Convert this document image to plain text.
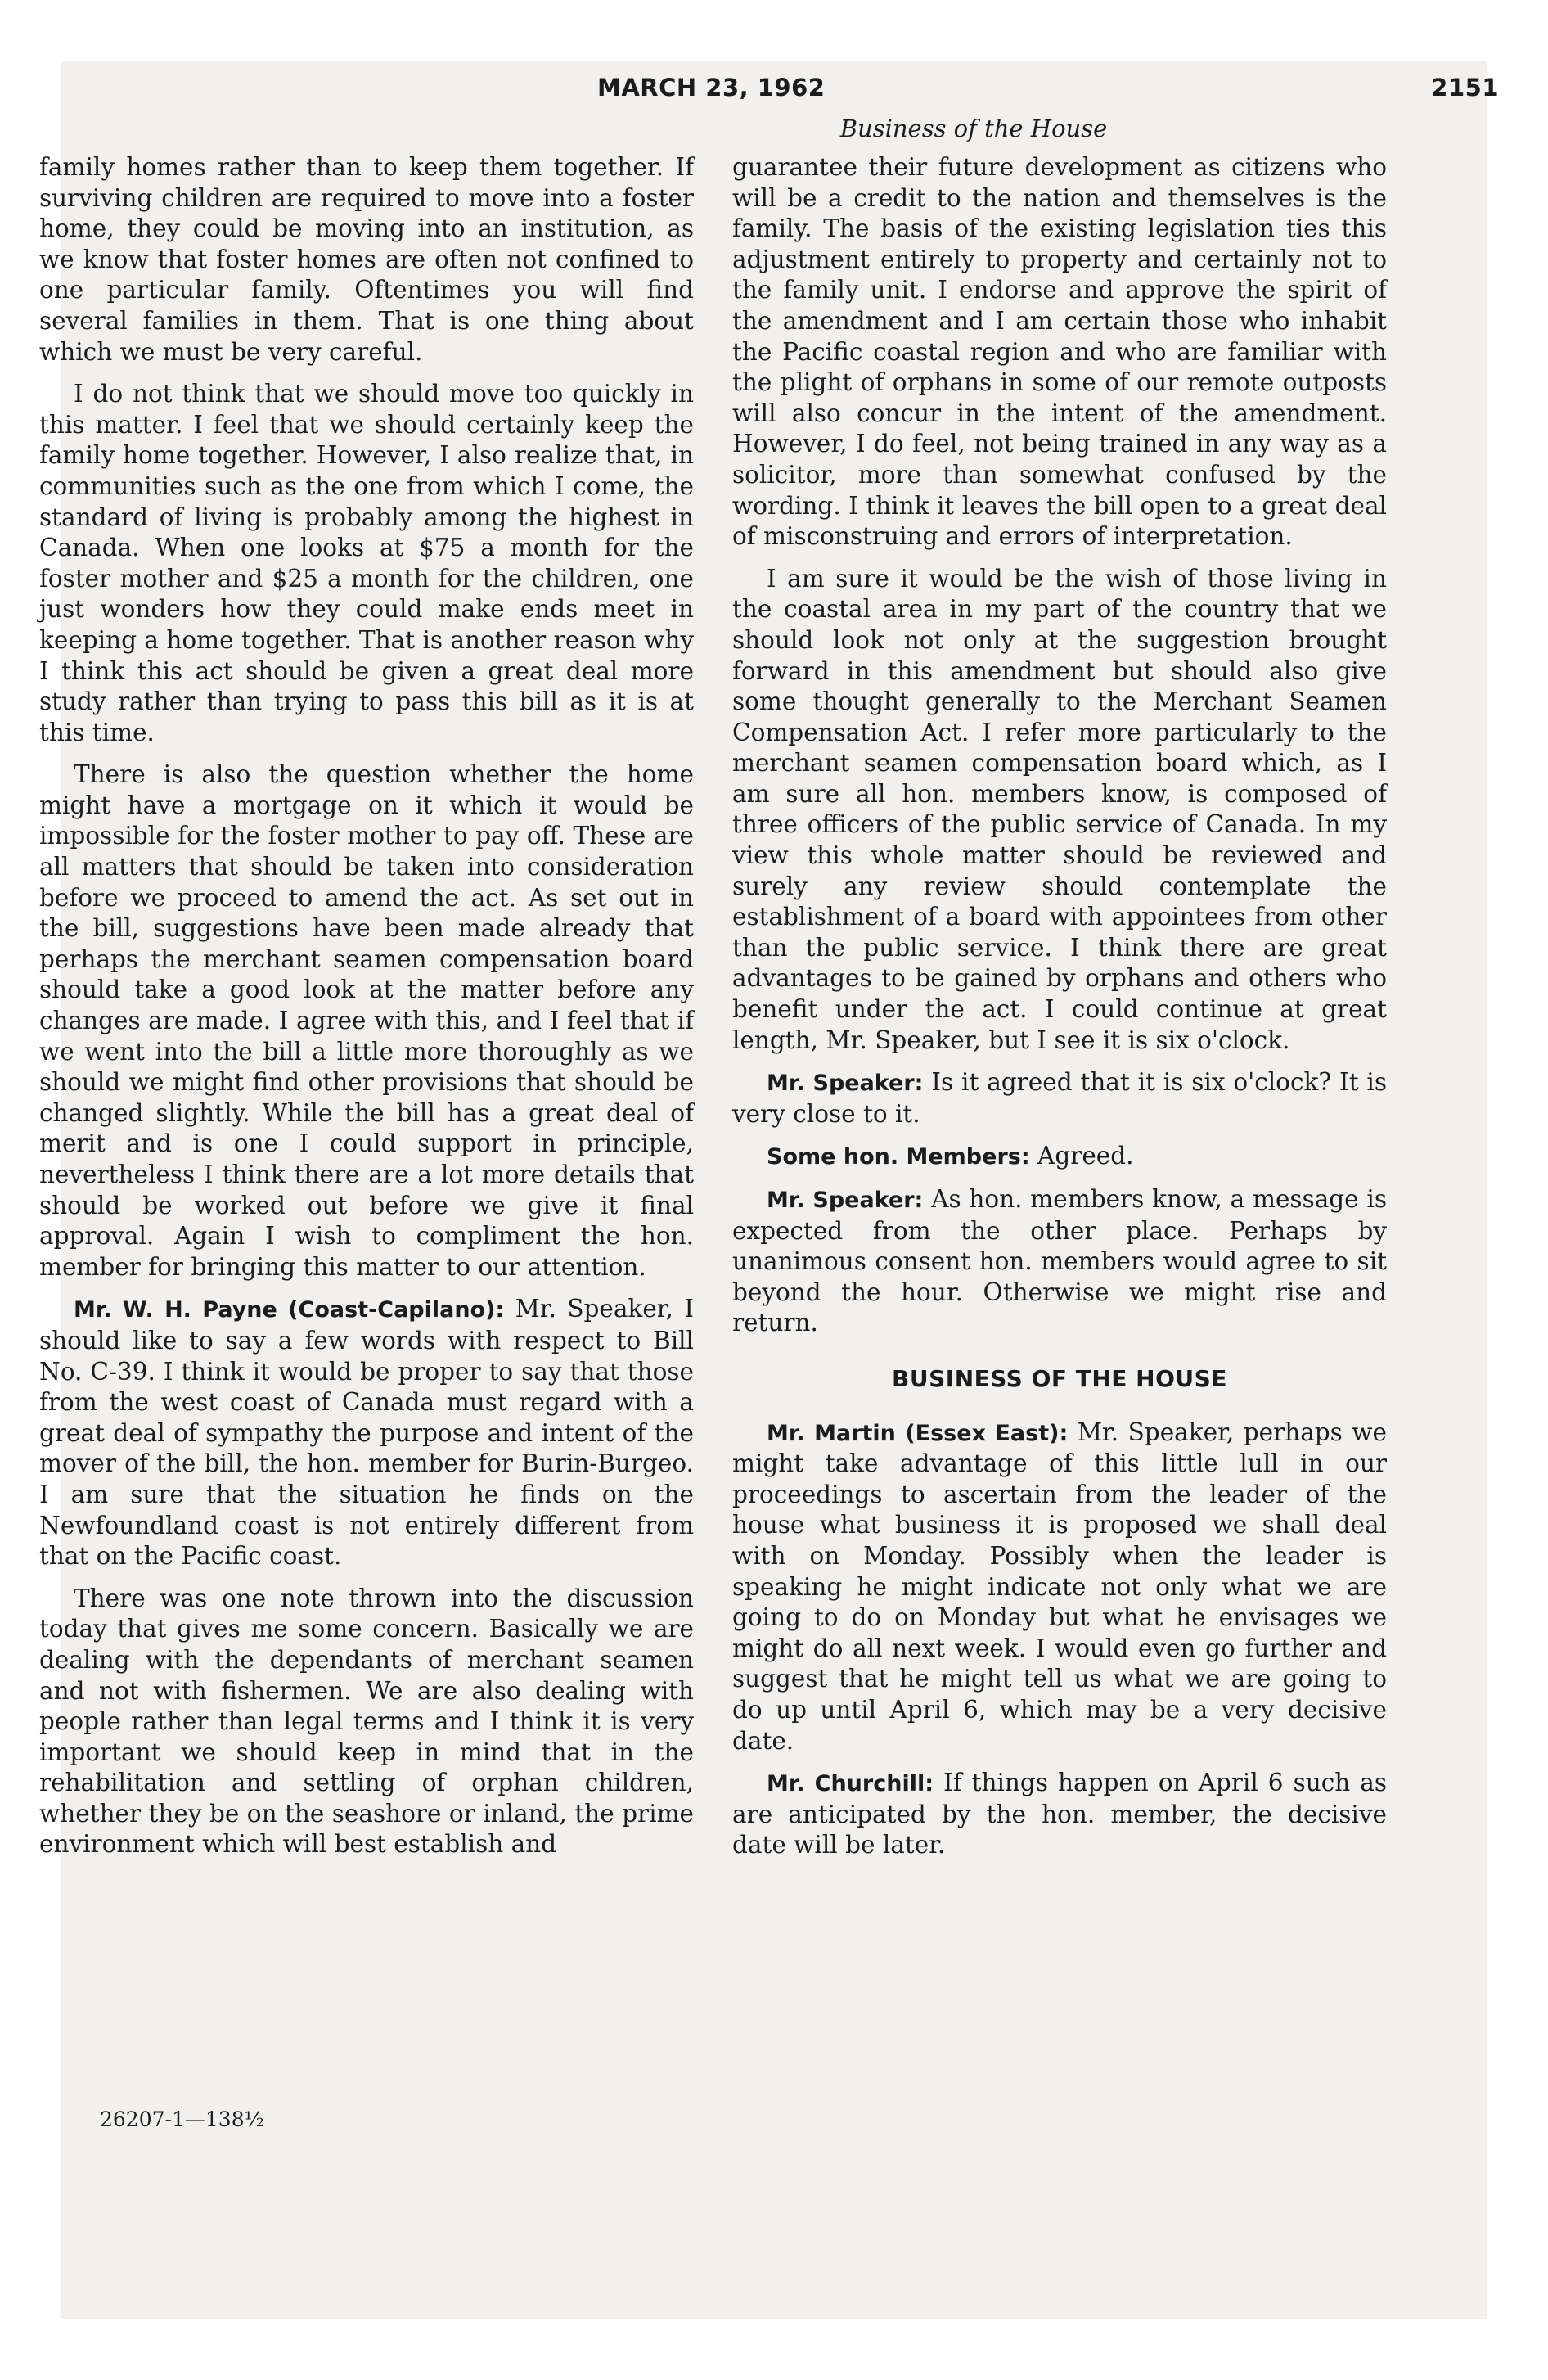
MARCH 23, 1962	2151
Business of the House

family homes rather than to keep them together. If surviving children are required to move into a foster home, they could be moving into an institution, as we know that foster homes are often not confined to one particular family. Oftentimes you will find several families in them. That is one thing about which we must be very careful.

I do not think that we should move too quickly in this matter. I feel that we should certainly keep the family home together. However, I also realize that, in communities such as the one from which I come, the standard of living is probably among the highest in Canada. When one looks at $75 a month for the foster mother and $25 a month for the children, one just wonders how they could make ends meet in keeping a home together. That is another reason why I think this act should be given a great deal more study rather than trying to pass this bill as it is at this time.

There is also the question whether the home might have a mortgage on it which it would be impossible for the foster mother to pay off. These are all matters that should be taken into consideration before we proceed to amend the act. As set out in the bill, suggestions have been made already that perhaps the merchant seamen compensation board should take a good look at the matter before any changes are made. I agree with this, and I feel that if we went into the bill a little more thoroughly as we should we might find other provisions that should be changed slightly. While the bill has a great deal of merit and is one I could support in principle, nevertheless I think there are a lot more details that should be worked out before we give it final approval. Again I wish to compliment the hon. member for bringing this matter to our attention.

Mr. W. H. Payne (Coast-Capilano): Mr. Speaker, I should like to say a few words with respect to Bill No. C-39. I think it would be proper to say that those from the west coast of Canada must regard with a great deal of sympathy the purpose and intent of the mover of the bill, the hon. member for Burin-Burgeo. I am sure that the situation he finds on the Newfoundland coast is not entirely different from that on the Pacific coast.

There was one note thrown into the discussion today that gives me some concern. Basically we are dealing with the dependants of merchant seamen and not with fishermen. We are also dealing with people rather than legal terms and I think it is very important we should keep in mind that in the rehabilitation and settling of orphan children, whether they be on the seashore or inland, the prime environment which will best establish and

guarantee their future development as citizens who will be a credit to the nation and themselves is the family. The basis of the existing legislation ties this adjustment entirely to property and certainly not to the family unit. I endorse and approve the spirit of the amendment and I am certain those who inhabit the Pacific coastal region and who are familiar with the plight of orphans in some of our remote outposts will also concur in the intent of the amendment. However, I do feel, not being trained in any way as a solicitor, more than somewhat confused by the wording. I think it leaves the bill open to a great deal of misconstruing and errors of interpretation.

I am sure it would be the wish of those living in the coastal area in my part of the country that we should look not only at the suggestion brought forward in this amendment but should also give some thought generally to the Merchant Seamen Compensation Act. I refer more particularly to the merchant seamen compensation board which, as I am sure all hon. members know, is composed of three officers of the public service of Canada. In my view this whole matter should be reviewed and surely any review should contemplate the establishment of a board with appointees from other than the public service. I think there are great advantages to be gained by orphans and others who benefit under the act. I could continue at great length, Mr. Speaker, but I see it is six o'clock.

Mr. Speaker: Is it agreed that it is six o'clock? It is very close to it.

Some hon. Members: Agreed.

Mr. Speaker: As hon. members know, a message is expected from the other place. Perhaps by unanimous consent hon. members would agree to sit beyond the hour. Otherwise we might rise and return.

BUSINESS OF THE HOUSE

Mr. Martin (Essex East): Mr. Speaker, perhaps we might take advantage of this little lull in our proceedings to ascertain from the leader of the house what business it is proposed we shall deal with on Monday. Possibly when the leader is speaking he might indicate not only what we are going to do on Monday but what he envisages we might do all next week. I would even go further and suggest that he might tell us what we are going to do up until April 6, which may be a very decisive date.

Mr. Churchill: If things happen on April 6 such as are anticipated by the hon. member, the decisive date will be later.

26207-1—138½
